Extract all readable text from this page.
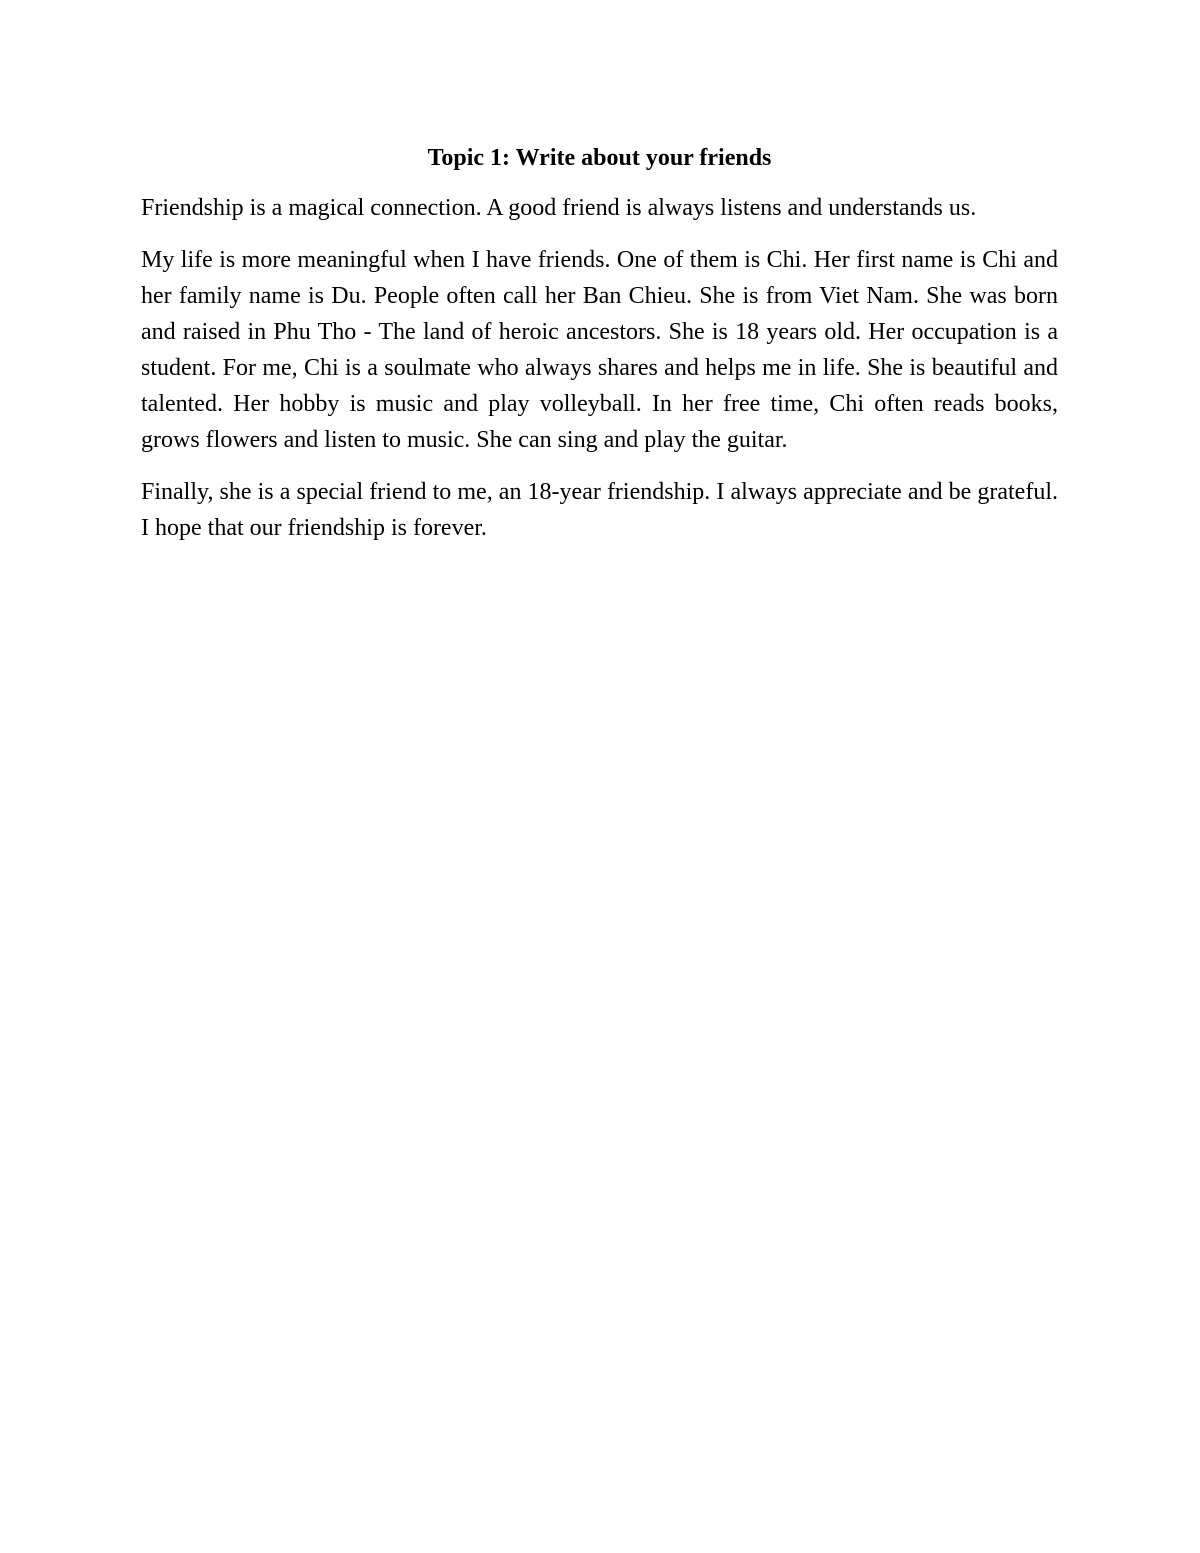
Topic 1: Write about your friends

Friendship is a magical connection. A good friend is always listens and understands us.

My life is more meaningful when I have friends. One of them is Chi. Her first name is Chi and her family name is Du. People often call her Ban Chieu. She is from Viet Nam. She was born and raised in Phu Tho - The land of heroic ancestors. She is 18 years old. Her occupation is a student. For me, Chi is a soulmate who always shares and helps me in life. She is beautiful and talented. Her hobby is music and play volleyball. In her free time, Chi often reads books, grows flowers and listen to music. She can sing and play the guitar.

Finally, she is a special friend to me, an 18-year friendship. I always appreciate and be grateful. I hope that our friendship is forever.
